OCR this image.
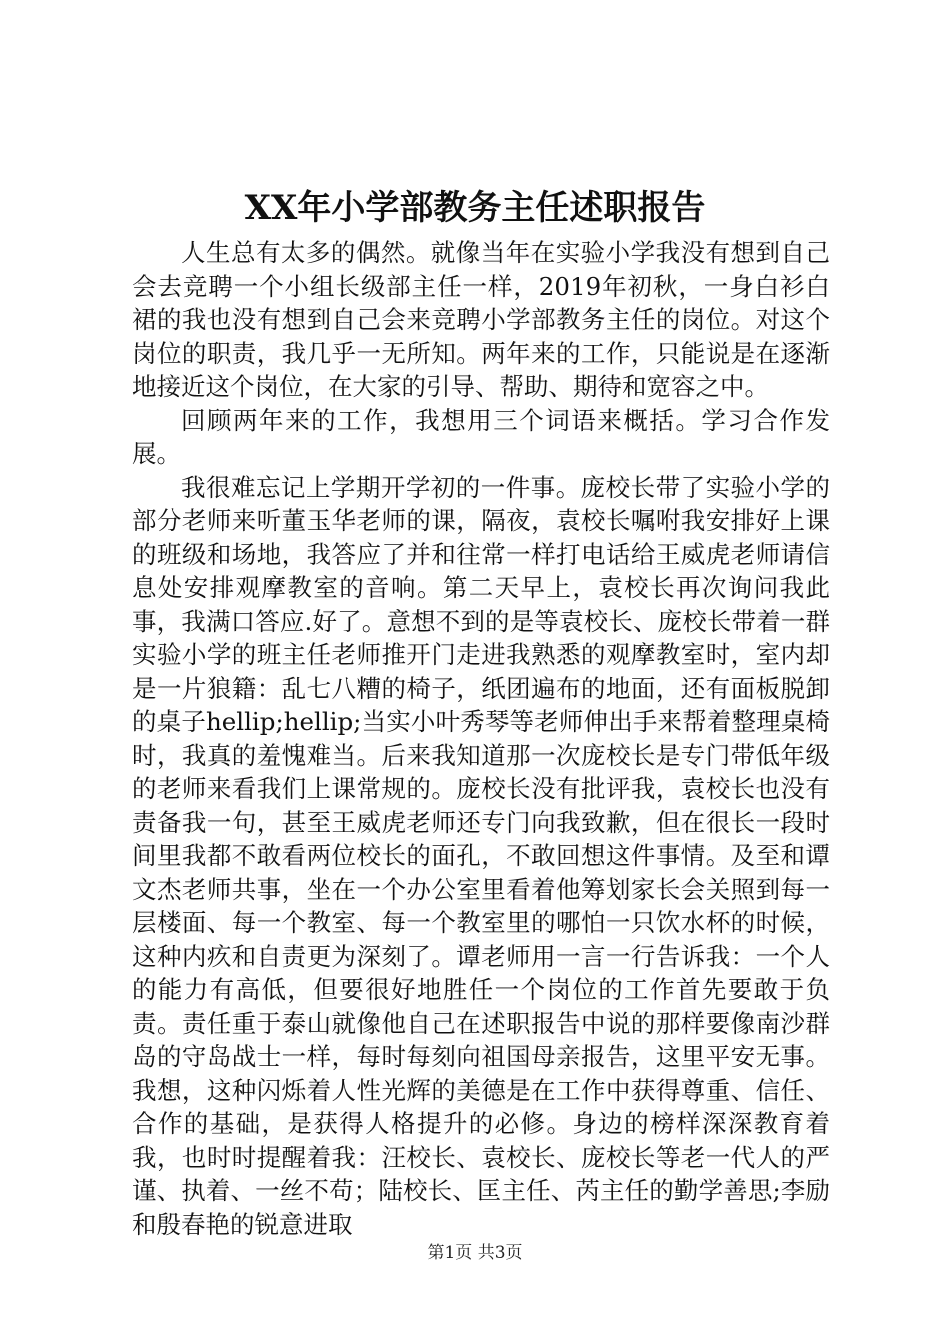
XX年小学部教务主任述职报告

人生总有太多的偶然。就像当年在实验小学我没有想到自己会去竞聘一个小组长级部主任一样，2019年初秋，一身白衫白裙的我也没有想到自己会来竞聘小学部教务主任的岗位。对这个岗位的职责，我几乎一无所知。两年来的工作，只能说是在逐渐地接近这个岗位，在大家的引导、帮助、期待和宽容之中。

回顾两年来的工作，我想用三个词语来概括。学习合作发展。

我很难忘记上学期开学初的一件事。庞校长带了实验小学的部分老师来听董玉华老师的课，隔夜，袁校长嘱咐我安排好上课的班级和场地，我答应了并和往常一样打电话给王威虎老师请信息处安排观摩教室的音响。第二天早上，袁校长再次询问我此事，我满口答应.好了。意想不到的是等袁校长、庞校长带着一群实验小学的班主任老师推开门走进我熟悉的观摩教室时，室内却是一片狼籍：乱七八糟的椅子，纸团遍布的地面，还有面板脱卸的桌子hellip;hellip;当实小叶秀琴等老师伸出手来帮着整理桌椅时，我真的羞愧难当。后来我知道那一次庞校长是专门带低年级的老师来看我们上课常规的。庞校长没有批评我，袁校长也没有责备我一句，甚至王威虎老师还专门向我致歉，但在很长一段时间里我都不敢看两位校长的面孔，不敢回想这件事情。及至和谭文杰老师共事，坐在一个办公室里看着他筹划家长会关照到每一层楼面、每一个教室、每一个教室里的哪怕一只饮水杯的时候，这种内疚和自责更为深刻了。谭老师用一言一行告诉我：一个人的能力有高低，但要很好地胜任一个岗位的工作首先要敢于负责。责任重于泰山就像他自己在述职报告中说的那样要像南沙群岛的守岛战士一样，每时每刻向祖国母亲报告，这里平安无事。我想，这种闪烁着人性光辉的美德是在工作中获得尊重、信任、合作的基础，是获得人格提升的必修。身边的榜样深深教育着我，也时时提醒着我：汪校长、袁校长、庞校长等老一代人的严谨、执着、一丝不苟；陆校长、匡主任、芮主任的勤学善思;李励和殷春艳的锐意进取

第1页 共3页
